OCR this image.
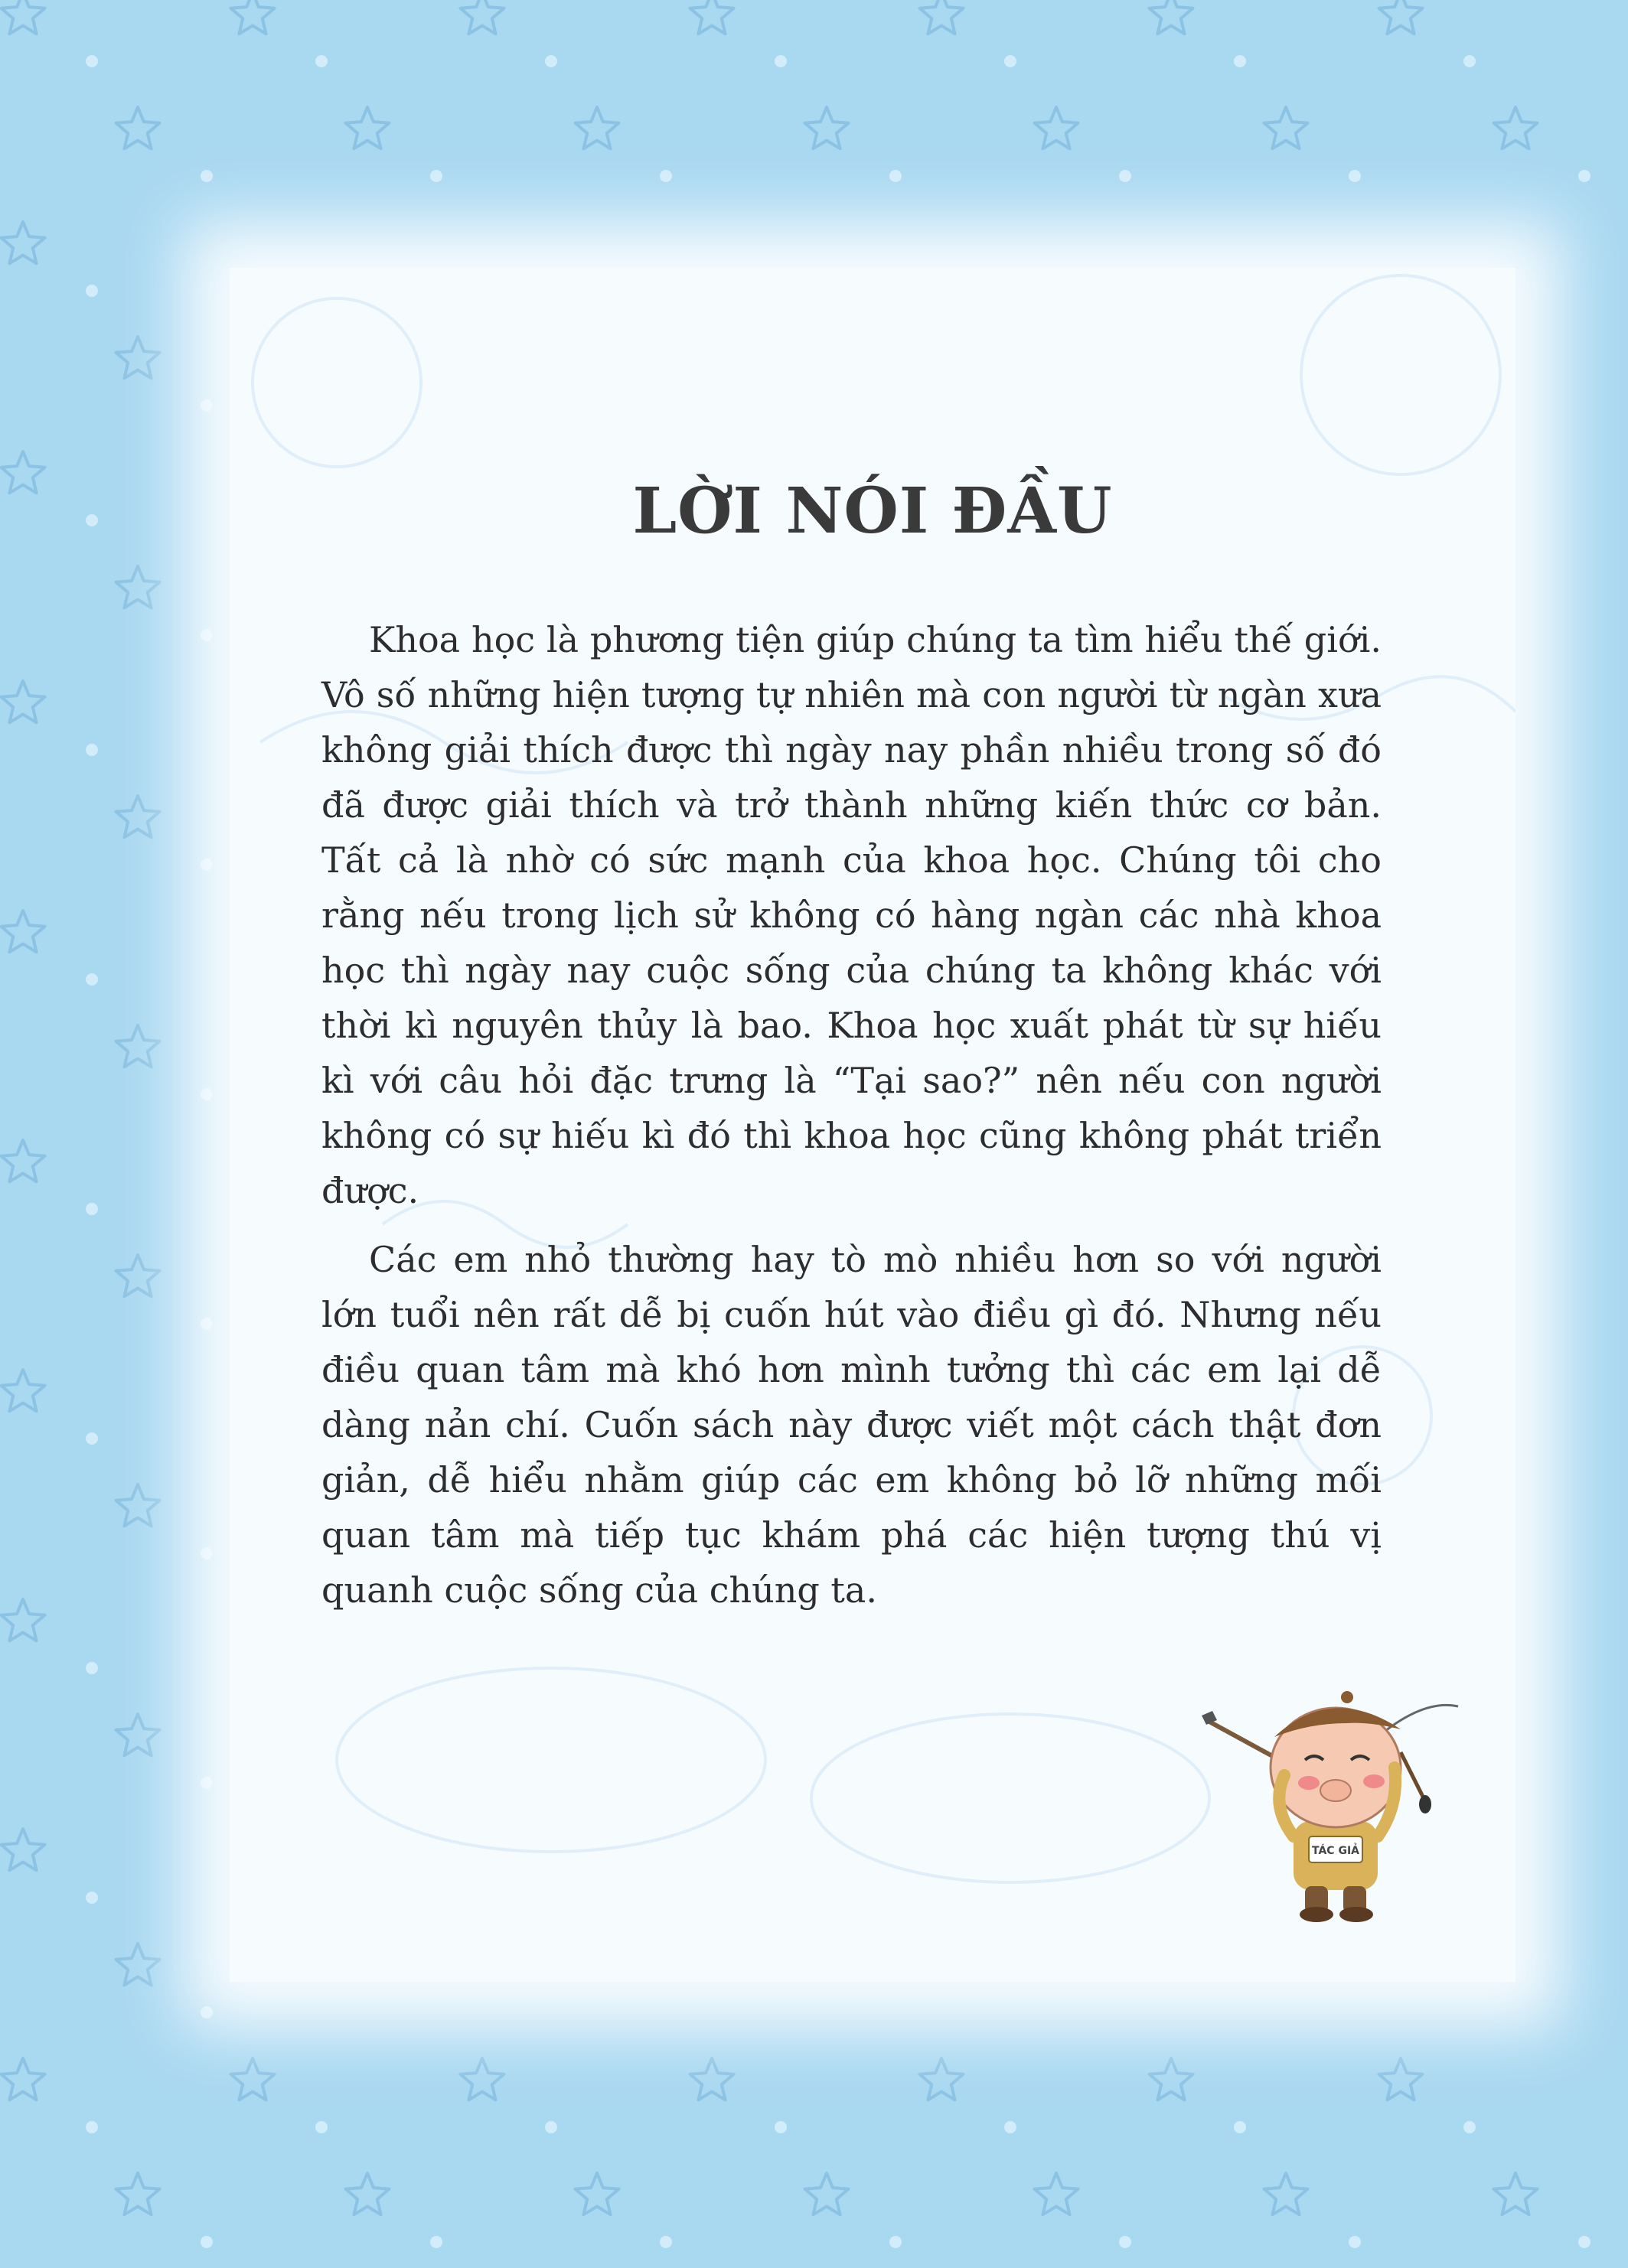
LỜI NÓI ĐẦU

Khoa học là phương tiện giúp chúng ta tìm hiểu thế giới. Vô số những hiện tượng tự nhiên mà con người từ ngàn xưa không giải thích được thì ngày nay phần nhiều trong số đó đã được giải thích và trở thành những kiến thức cơ bản. Tất cả là nhờ có sức mạnh của khoa học. Chúng tôi cho rằng nếu trong lịch sử không có hàng ngàn các nhà khoa học thì ngày nay cuộc sống của chúng ta không khác với thời kì nguyên thủy là bao. Khoa học xuất phát từ sự hiếu kì với câu hỏi đặc trưng là “Tại sao?” nên nếu con người không có sự hiếu kì đó thì khoa học cũng không phát triển được.

Các em nhỏ thường hay tò mò nhiều hơn so với người lớn tuổi nên rất dễ bị cuốn hút vào điều gì đó. Nhưng nếu điều quan tâm mà khó hơn mình tưởng thì các em lại dễ dàng nản chí. Cuốn sách này được viết một cách thật đơn giản, dễ hiểu nhằm giúp các em không bỏ lỡ những mối quan tâm mà tiếp tục khám phá các hiện tượng thú vị quanh cuộc sống của chúng ta.

TÁC GIẢ
